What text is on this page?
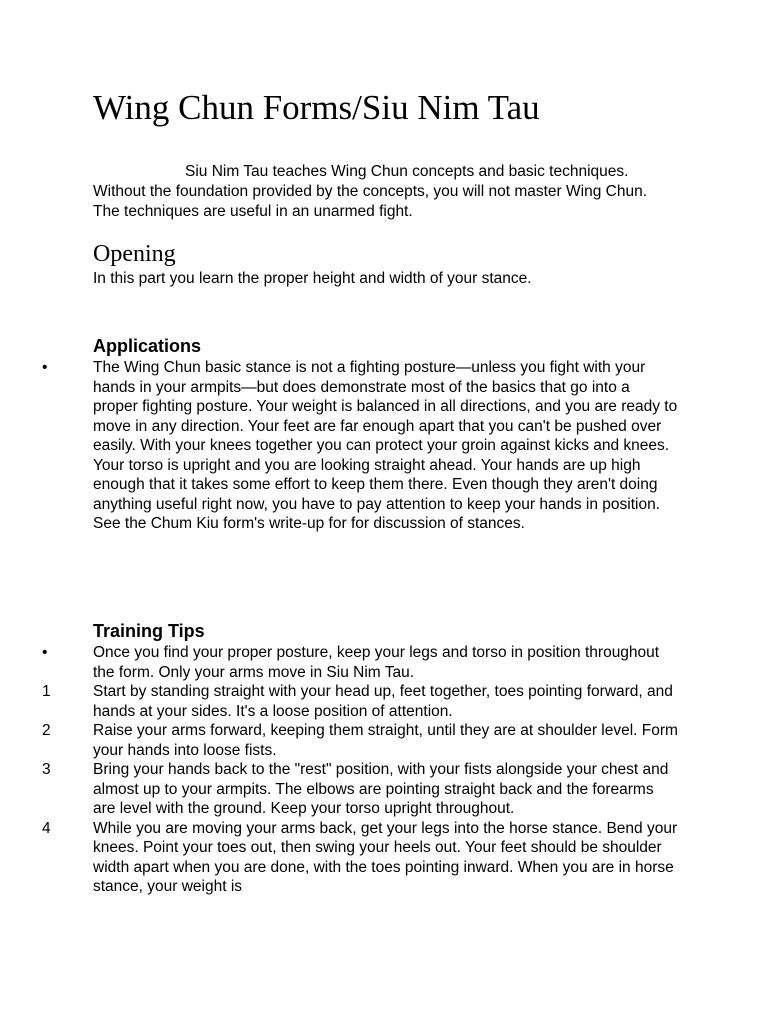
Wing Chun Forms/Siu Nim Tau

Siu Nim Tau teaches Wing Chun concepts and basic techniques. Without the foundation provided by the concepts, you will not master Wing Chun. The techniques are useful in an unarmed fight.

Opening

In this part you learn the proper height and width of your stance.

Applications
•	The Wing Chun basic stance is not a fighting posture—unless you fight with your hands in your armpits—but does demonstrate most of the basics that go into a proper fighting posture. Your weight is balanced in all directions, and you are ready to move in any direction. Your feet are far enough apart that you can't be pushed over easily. With your knees together you can protect your groin against kicks and knees. Your torso is upright and you are looking straight ahead. Your hands are up high enough that it takes some effort to keep them there. Even though they aren't doing anything useful right now, you have to pay attention to keep your hands in position. See the Chum Kiu form's write-up for for discussion of stances.
Training Tips
•	Once you find your proper posture, keep your legs and torso in position throughout the form. Only your arms move in Siu Nim Tau.
1	Start by standing straight with your head up, feet together, toes pointing forward, and hands at your sides. It's a loose position of attention.
2	Raise your arms forward, keeping them straight, until they are at shoulder level. Form your hands into loose fists.
3	Bring your hands back to the "rest" position, with your fists alongside your chest and almost up to your armpits. The elbows are pointing straight back and the forearms are level with the ground. Keep your torso upright throughout.
4	While you are moving your arms back, get your legs into the horse stance. Bend your knees. Point your toes out, then swing your heels out. Your feet should be shoulder width apart when you are done, with the toes pointing inward. When you are in horse stance, your weight is
